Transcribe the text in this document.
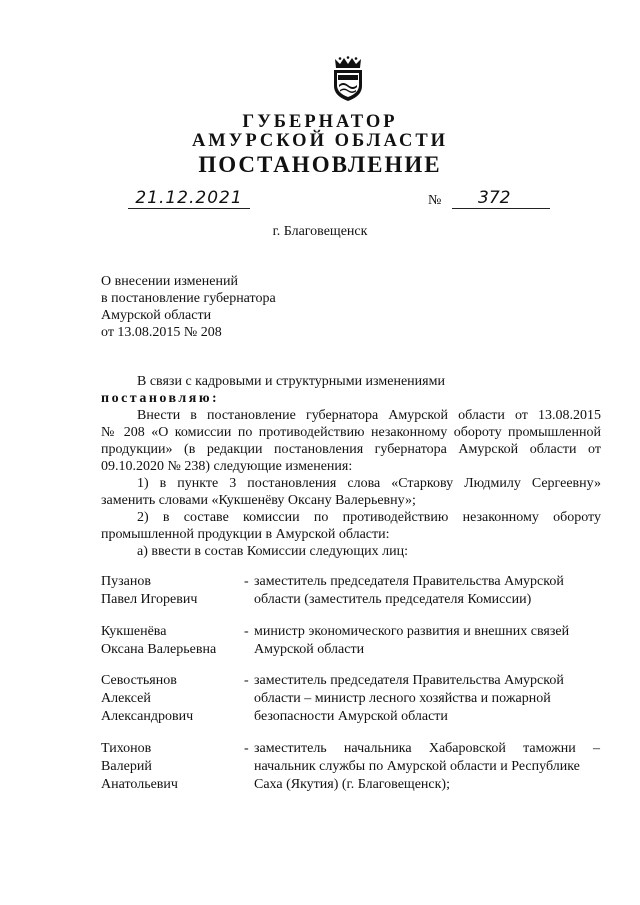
ГУБЕРНАТОР
АМУРСКОЙ ОБЛАСТИ
ПОСТАНОВЛЕНИЕ
21.12.2021	№	372
г. Благовещенск
О внесении изменений
в постановление губернатора
Амурской области
от 13.08.2015 № 208
В связи с кадровыми и структурными изменениями
постановляю:
Внести в постановление губернатора Амурской области от 13.08.2015
№ 208 «О комиссии по противодействию незаконному обороту промышленной
продукции» (в редакции постановления губернатора Амурской области от
09.10.2020 № 238) следующие изменения:
1) в пункте 3 постановления слова «Старкову Людмилу Сергеевну»
заменить словами «Кукшенёву Оксану Валерьевну»;
2) в составе комиссии по противодействию незаконному обороту
промышленной продукции в Амурской области:
а) ввести в состав Комиссии следующих лиц:
Пузанов
Павел Игоревич
- заместитель председателя Правительства Амурской
области (заместитель председателя Комиссии)
Кукшенёва
Оксана Валерьевна
- министр экономического развития и внешних связей
Амурской области
Севостьянов
Алексей
Александрович
- заместитель председателя Правительства Амурской
области – министр лесного хозяйства и пожарной
безопасности Амурской области
Тихонов
Валерий
Анатольевич
- заместитель начальника Хабаровской таможни –
начальник службы по Амурской области и Республике
Саха (Якутия) (г. Благовещенск);
